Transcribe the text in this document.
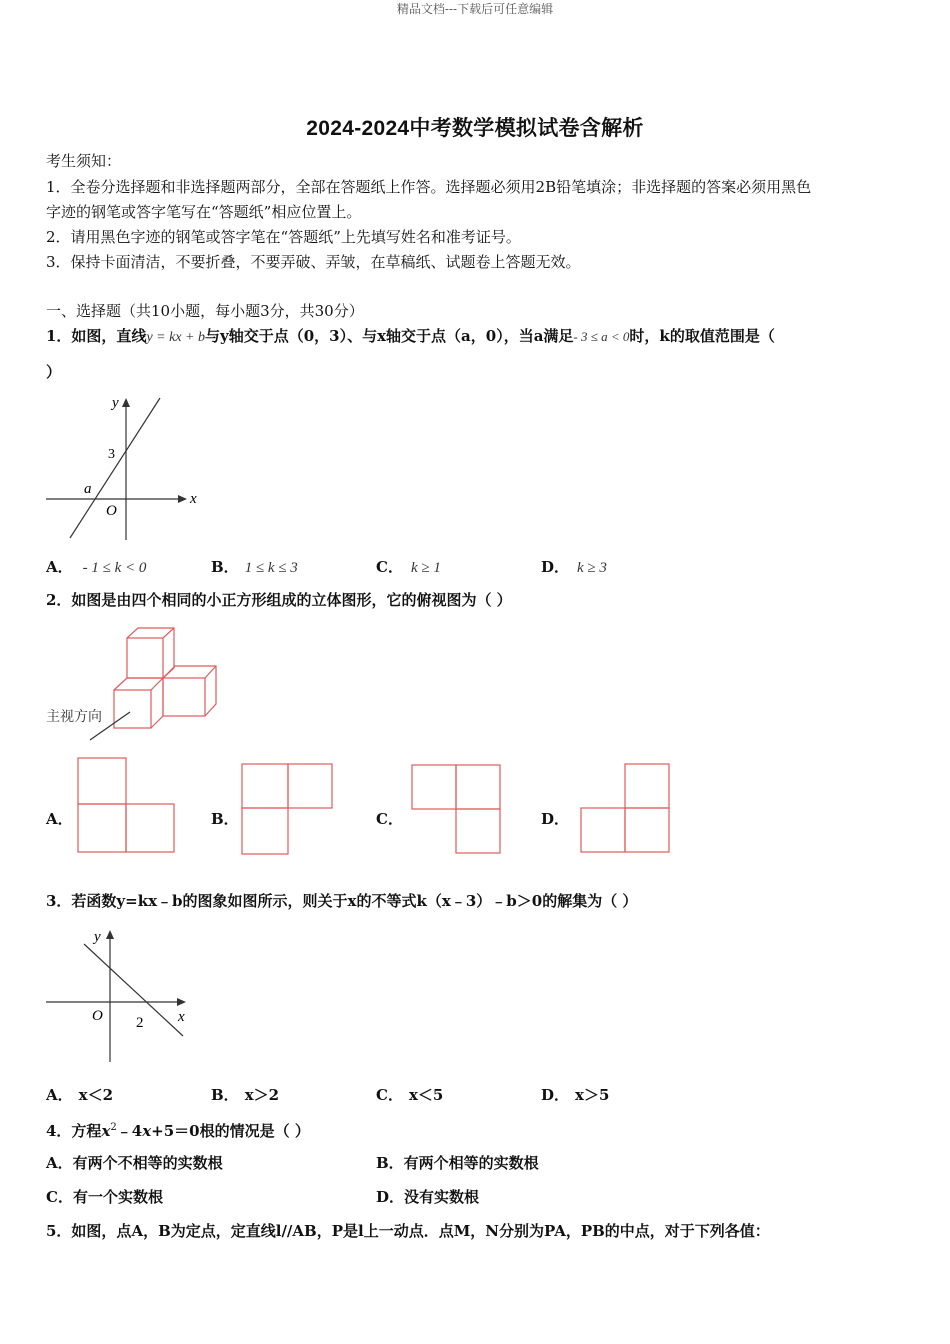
精品文档---下载后可任意编辑
2024-2024中考数学模拟试卷含解析
考生须知：
1．全卷分选择题和非选择题两部分，全部在答题纸上作答。选择题必须用2B铅笔填涂；非选择题的答案必须用黑色
字迹的钢笔或答字笔写在“答题纸”相应位置上。
2．请用黑色字迹的钢笔或答字笔在“答题纸”上先填写姓名和准考证号。
3．保持卡面清洁，不要折叠，不要弄破、弄皱，在草稿纸、试题卷上答题无效。
一、选择题（共10小题，每小题3分，共30分）
1．如图，直线y = kx + b与y轴交于点（0，3）、与x轴交于点（a，0），当a满足- 3 ≤ a < 0时，k的取值范围是（
）
y
x
3
a
O
A． - 1 ≤ k < 0	B． 1 ≤ k ≤ 3	C． k ≥ 1	D． k ≥ 3
2．如图是由四个相同的小正方形组成的立体图形，它的俯视图为（ ）
主视方向
A．	B．	C．	D．
3．若函数y=kx﹣b的图象如图所示，则关于x的不等式k（x﹣3）﹣b＞0的解集为（ ）
y
x
O 2
A． x＜2	B． x＞2	C． x＜5	D． x＞5
4．方程$x^2﹣4x+5=0$根的情况是（ ）
A．有两个不相等的实数根	B．有两个相等的实数根
C．有一个实数根	D．没有实数根
5．如图，点A，B为定点，定直线l//AB，P是l上一动点．点M，N分别为PA，PB的中点，对于下列各值：
